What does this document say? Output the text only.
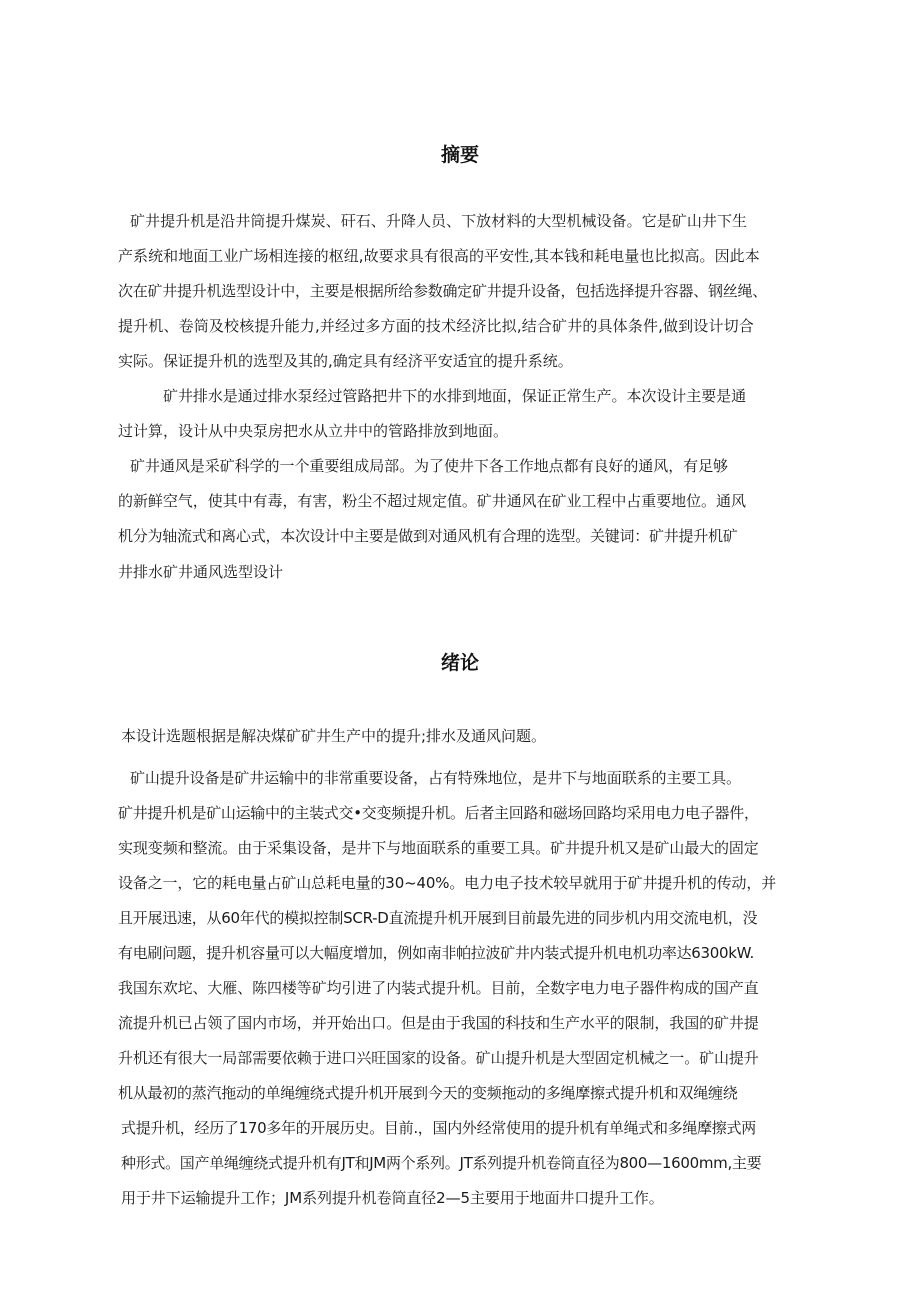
摘要
矿井提升机是沿井筒提升煤炭、矸石、升降人员、下放材料的大型机械设备。它是矿山井下生
产系统和地面工业广场相连接的枢纽,故要求具有很高的平安性,其本钱和耗电量也比拟高。因此本
次在矿井提升机选型设计中，主要是根据所给参数确定矿井提升设备，包括选择提升容器、钢丝绳、
提升机、卷筒及校核提升能力,并经过多方面的技术经济比拟,结合矿井的具体条件,做到设计切合
实际。保证提升机的选型及其的,确定具有经济平安适宜的提升系统。
矿井排水是通过排水泵经过管路把井下的水排到地面，保证正常生产。本次设计主要是通
过计算，设计从中央泵房把水从立井中的管路排放到地面。
矿井通风是采矿科学的一个重要组成局部。为了使井下各工作地点都有良好的通风，有足够
的新鲜空气，使其中有毒，有害，粉尘不超过规定值。矿井通风在矿业工程中占重要地位。通风
机分为轴流式和离心式，本次设计中主要是做到对通风机有合理的选型。关键词：矿井提升机矿
井排水矿井通风选型设计
绪论
本设计选题根据是解决煤矿矿井生产中的提升;排水及通风问题。
矿山提升设备是矿井运输中的非常重要设备，占有特殊地位，是井下与地面联系的主要工具。
矿井提升机是矿山运输中的主装式交•交变频提升机。后者主回路和磁场回路均采用电力电子器件，
实现变频和整流。由于采集设备，是井下与地面联系的重要工具。矿井提升机又是矿山最大的固定
设备之一，它的耗电量占矿山总耗电量的30~40%。电力电子技术较早就用于矿井提升机的传动，并
且开展迅速，从60年代的模拟控制SCR-D直流提升机开展到目前最先进的同步机内用交流电机，没
有电刷问题，提升机容量可以大幅度增加，例如南非帕拉波矿井内装式提升机电机功率达6300kW.
我国东欢坨、大雁、陈四楼等矿均引进了内装式提升机。目前，全数字电力电子器件构成的国产直
流提升机已占领了国内市场，并开始出口。但是由于我国的科技和生产水平的限制，我国的矿井提
升机还有很大一局部需要依赖于进口兴旺国家的设备。矿山提升机是大型固定机械之一。矿山提升
机从最初的蒸汽拖动的单绳缠绕式提升机开展到今天的变频拖动的多绳摩擦式提升机和双绳缠绕
式提升机，经历了170多年的开展历史。目前.，国内外经常使用的提升机有单绳式和多绳摩擦式两
种形式。国产单绳缠绕式提升机有JT和JM两个系列。JT系列提升机卷筒直径为800—1600mm,主要
用于井下运输提升工作；JM系列提升机卷筒直径2—5主要用于地面井口提升工作。
